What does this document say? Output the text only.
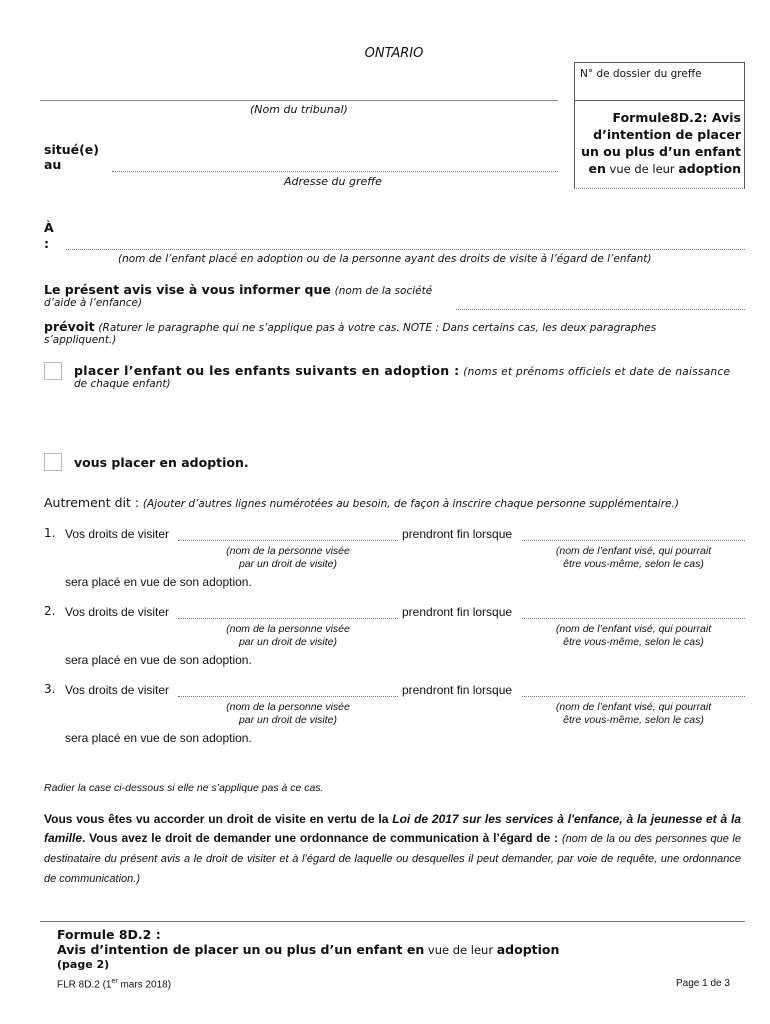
ONTARIO
N° de dossier du greffe
(Nom du tribunal)
Formule8D.2: Avis
d’intention de placer
un ou plus d’un enfant
en vue de leur adoption
situé(e)
au
Adresse du greffe
À
:
(nom de l’enfant placé en adoption ou de la personne ayant des droits de visite à l’égard de l’enfant)
Le présent avis vise à vous informer que (nom de la société
d’aide à l’enfance)
prévoit (Raturer le paragraphe qui ne s’applique pas à votre cas. NOTE : Dans certains cas, les deux paragraphes
s’appliquent.)
placer l’enfant ou les enfants suivants en adoption : (noms et prénoms officiels et date de naissance
de chaque enfant)
vous placer en adoption.
Autrement dit : (Ajouter d’autres lignes numérotées au besoin, de façon à inscrire chaque personne supplémentaire.)
1. Vos droits de visiter	prendront fin lorsque
(nom de la personne visée
par un droit de visite)
(nom de l’enfant visé, qui pourrait
être vous-même, selon le cas)
sera placé en vue de son adoption.
2. Vos droits de visiter	prendront fin lorsque
(nom de la personne visée
par un droit de visite)
(nom de l’enfant visé, qui pourrait
être vous-même, selon le cas)
sera placé en vue de son adoption.
3. Vos droits de visiter	prendront fin lorsque
(nom de la personne visée
par un droit de visite)
(nom de l’enfant visé, qui pourrait
être vous-même, selon le cas)
sera placé en vue de son adoption.
Radier la case ci-dessous si elle ne s’applique pas à ce cas.
Vous vous êtes vu accorder un droit de visite en vertu de la Loi de 2017 sur les services à l'enfance, à la jeunesse et à la famille. Vous avez le droit de demander une ordonnance de communication à l’égard de : (nom de la ou des personnes que le destinataire du présent avis a le droit de visiter et à l’égard de laquelle ou desquelles il peut demander, par voie de requête, une ordonnance de communication.)
Formule 8D.2 :
Avis d’intention de placer un ou plus d’un enfant en vue de leur adoption
(page 2)
FLR 8D.2 (1er mars 2018)	Page 1 de 3
